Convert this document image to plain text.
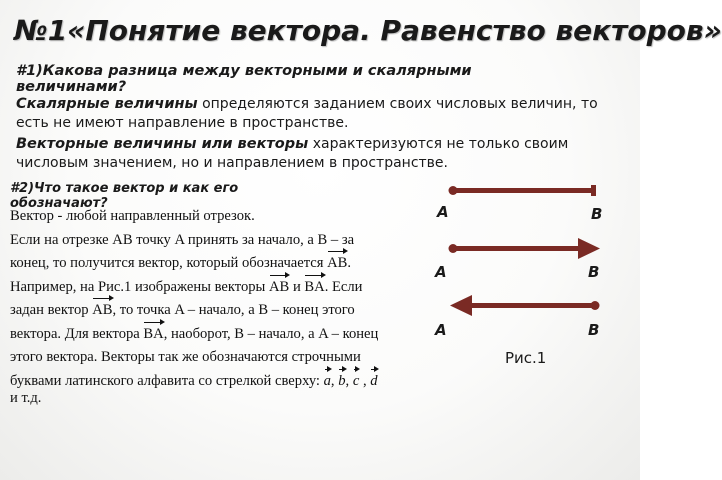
№1«Понятие вектора. Равенство векторов»
#1)Какова разница между векторными и скалярными величинами?
Скалярные величины определяются заданием своих числовых величин, то есть не имеют направление в пространстве.
Векторные величины или векторы характеризуются не только своим числовым значением, но и направлением в пространстве.
#2)Что такое вектор и как его обозначают?
Вектор - любой направленный отрезок.
Если на отрезке AB точку A принять за начало, а B – за
конец, то получится вектор, который обозначается AB.
Например, на Рис.1 изображены векторы AB и BA. Если
задан вектор AB, то точка A – начало, а B – конец этого
вектора. Для вектора BA, наоборот, B – начало, а A – конец
этого вектора. Векторы так же обозначаются строчными
буквами латинского алфавита со стрелкой сверху: a, b, c , d
и т.д.
A	B
A	B
A	B
Рис.1
